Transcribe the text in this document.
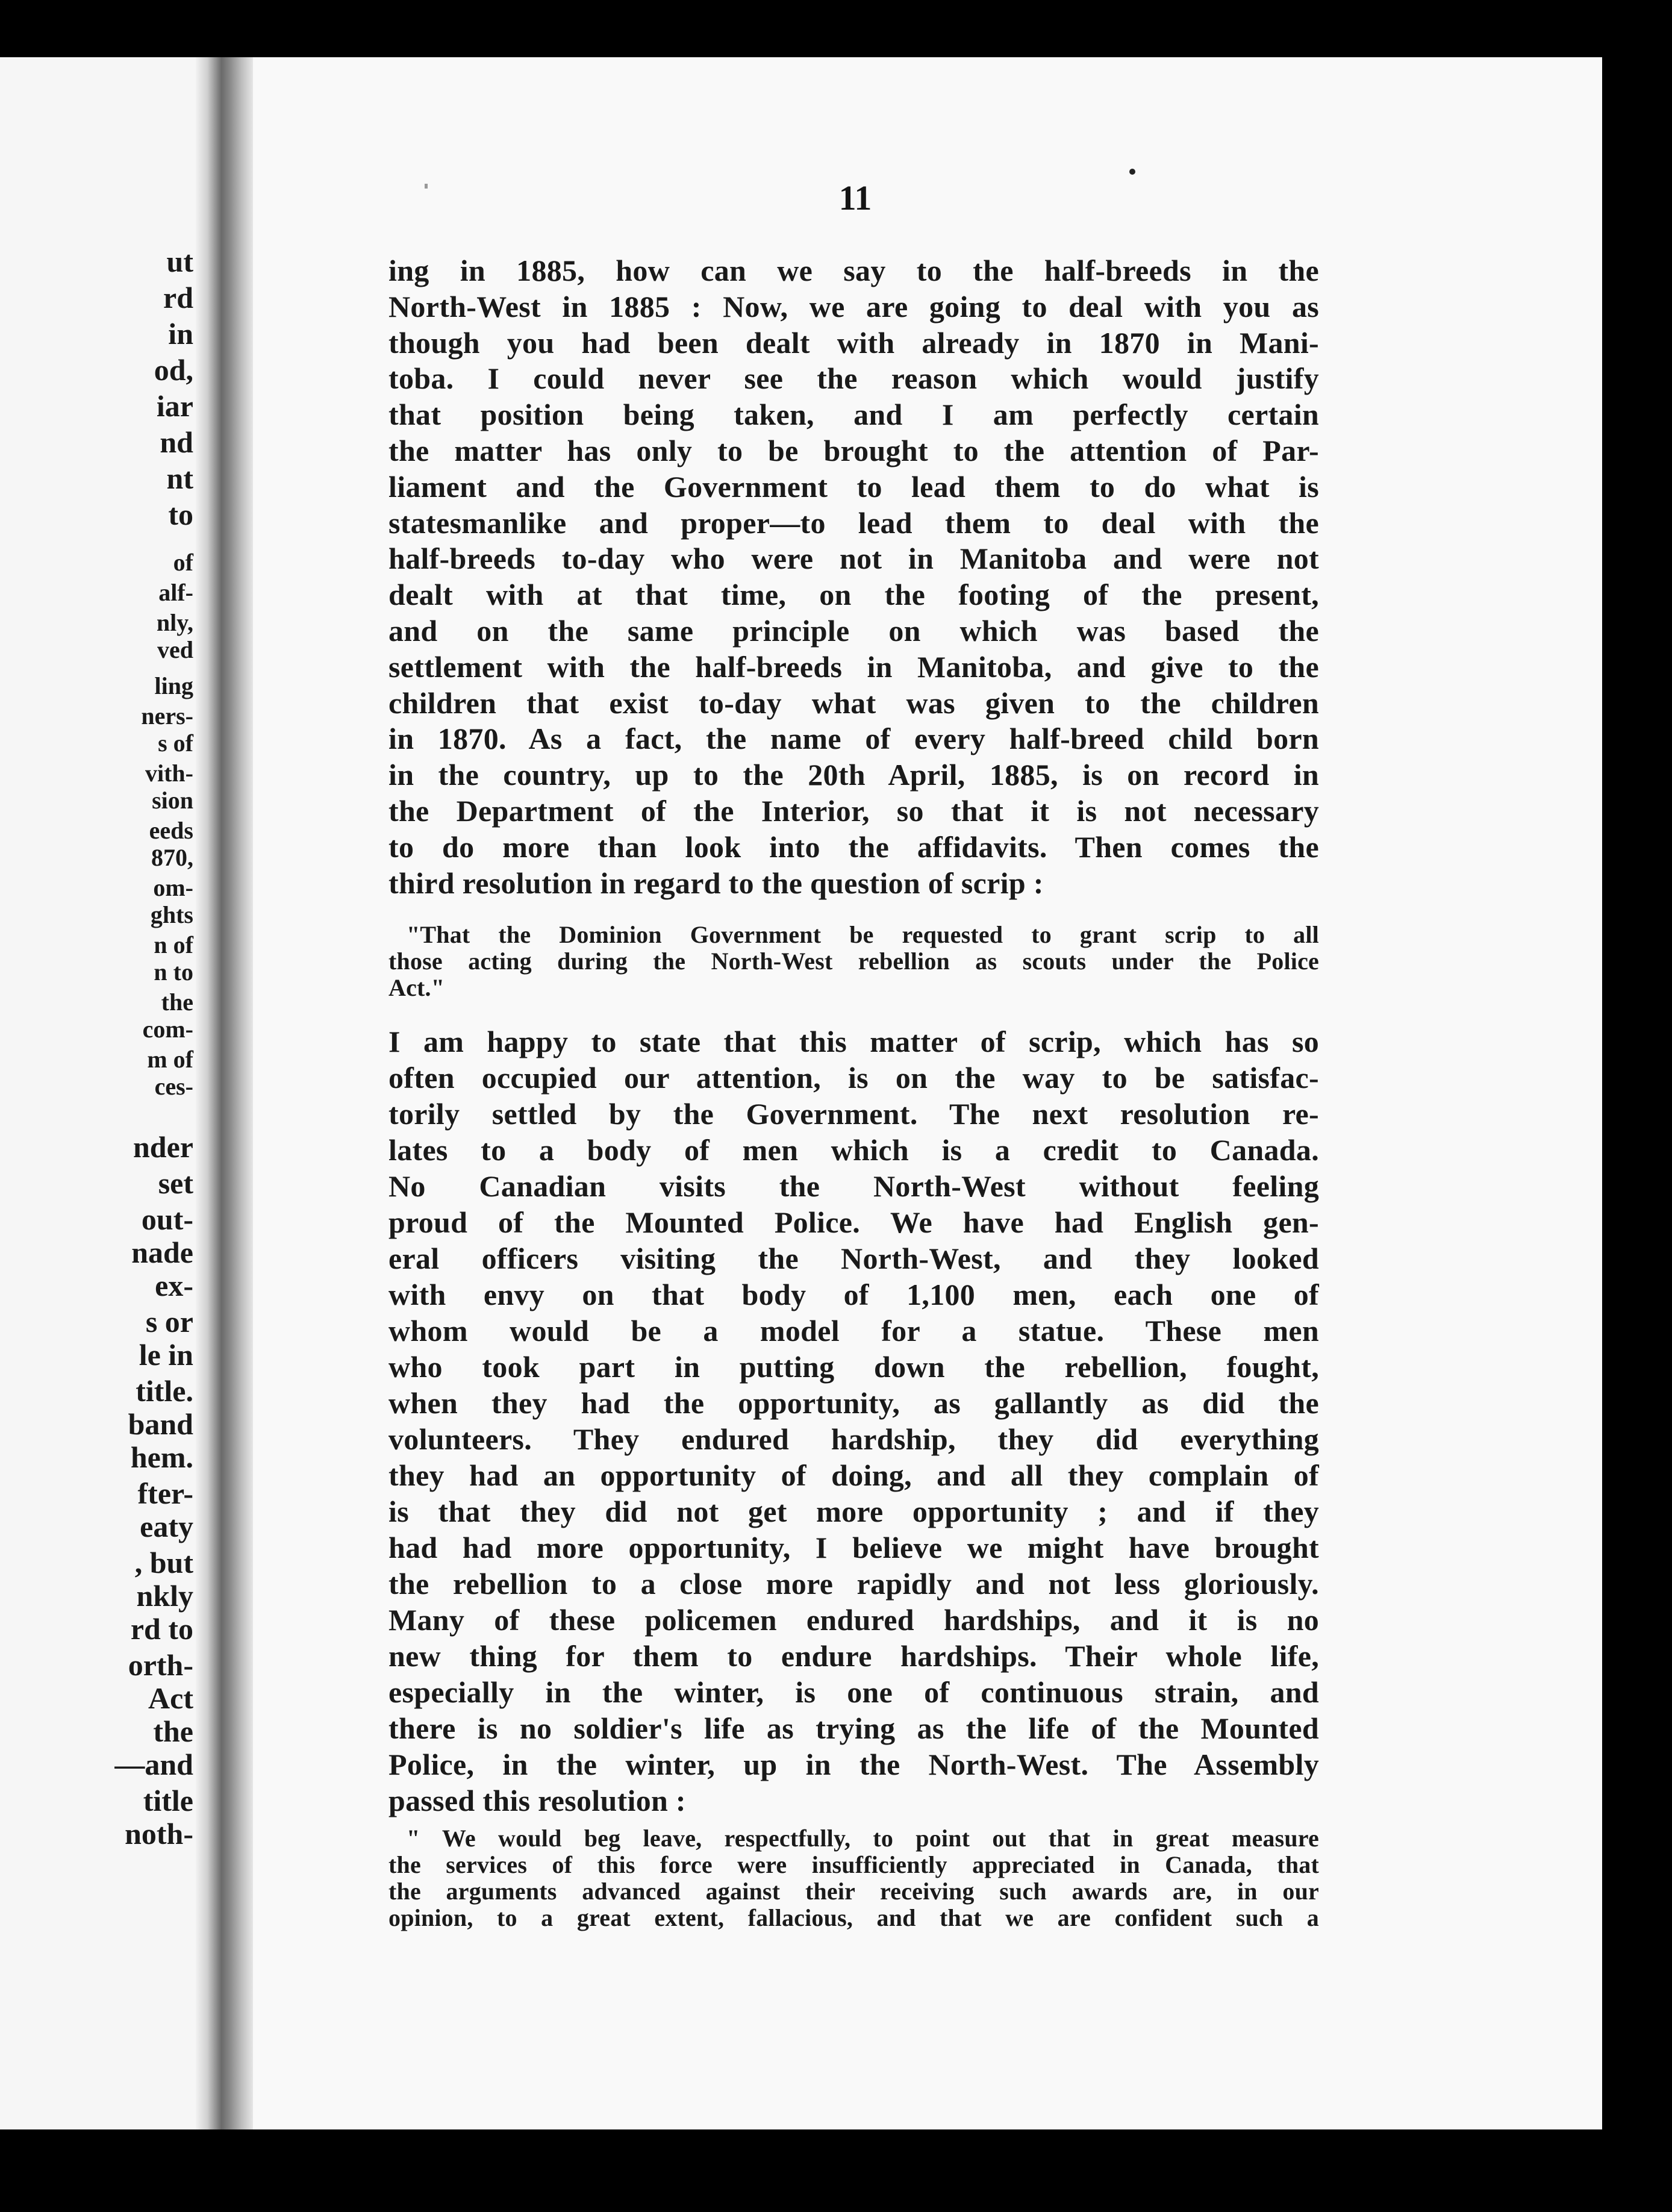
ut
rd
in
od,
iar
nd
nt
to
of
alf-
nly,
ved
ling
ners-
s of
vith-
sion
eeds
870,
om-
ghts
n of
n to
the
com-
m of
ces-
nder
set
out-
nade
ex-
s or
le in
title.
band
hem.
fter-
eaty
, but
nkly
rd to
orth-
Act
the
—and
title
noth-
11
ing in 1885, how can we say to the half-breeds in the
North-West in 1885 : Now, we are going to deal with you as
though you had been dealt with already in 1870 in Mani-
toba. I could never see the reason which would justify
that position being taken, and I am perfectly certain
the matter has only to be brought to the attention of Par-
liament and the Government to lead them to do what is
statesmanlike and proper—to lead them to deal with the
half-breeds to-day who were not in Manitoba and were not
dealt with at that time, on the footing of the present,
and on the same principle on which was based the
settlement with the half-breeds in Manitoba, and give to the
children that exist to-day what was given to the children
in 1870. As a fact, the name of every half-breed child born
in the country, up to the 20th April, 1885, is on record in
the Department of the Interior, so that it is not necessary
to do more than look into the affidavits. Then comes the
third resolution in regard to the question of scrip :
"That the Dominion Government be requested to grant scrip to all
those acting during the North-West rebellion as scouts under the Police
Act."
I am happy to state that this matter of scrip, which has so
often occupied our attention, is on the way to be satisfac-
torily settled by the Government. The next resolution re-
lates to a body of men which is a credit to Canada.
No Canadian visits the North-West without feeling
proud of the Mounted Police. We have had English gen-
eral officers visiting the North-West, and they looked
with envy on that body of 1,100 men, each one of
whom would be a model for a statue. These men
who took part in putting down the rebellion, fought,
when they had the opportunity, as gallantly as did the
volunteers. They endured hardship, they did everything
they had an opportunity of doing, and all they complain of
is that they did not get more opportunity ; and if they
had had more opportunity, I believe we might have brought
the rebellion to a close more rapidly and not less gloriously.
Many of these policemen endured hardships, and it is no
new thing for them to endure hardships. Their whole life,
especially in the winter, is one of continuous strain, and
there is no soldier's life as trying as the life of the Mounted
Police, in the winter, up in the North-West. The Assembly
passed this resolution :
" We would beg leave, respectfully, to point out that in great measure
the services of this force were insufficiently appreciated in Canada, that
the arguments advanced against their receiving such awards are, in our
opinion, to a great extent, fallacious, and that we are confident such a
